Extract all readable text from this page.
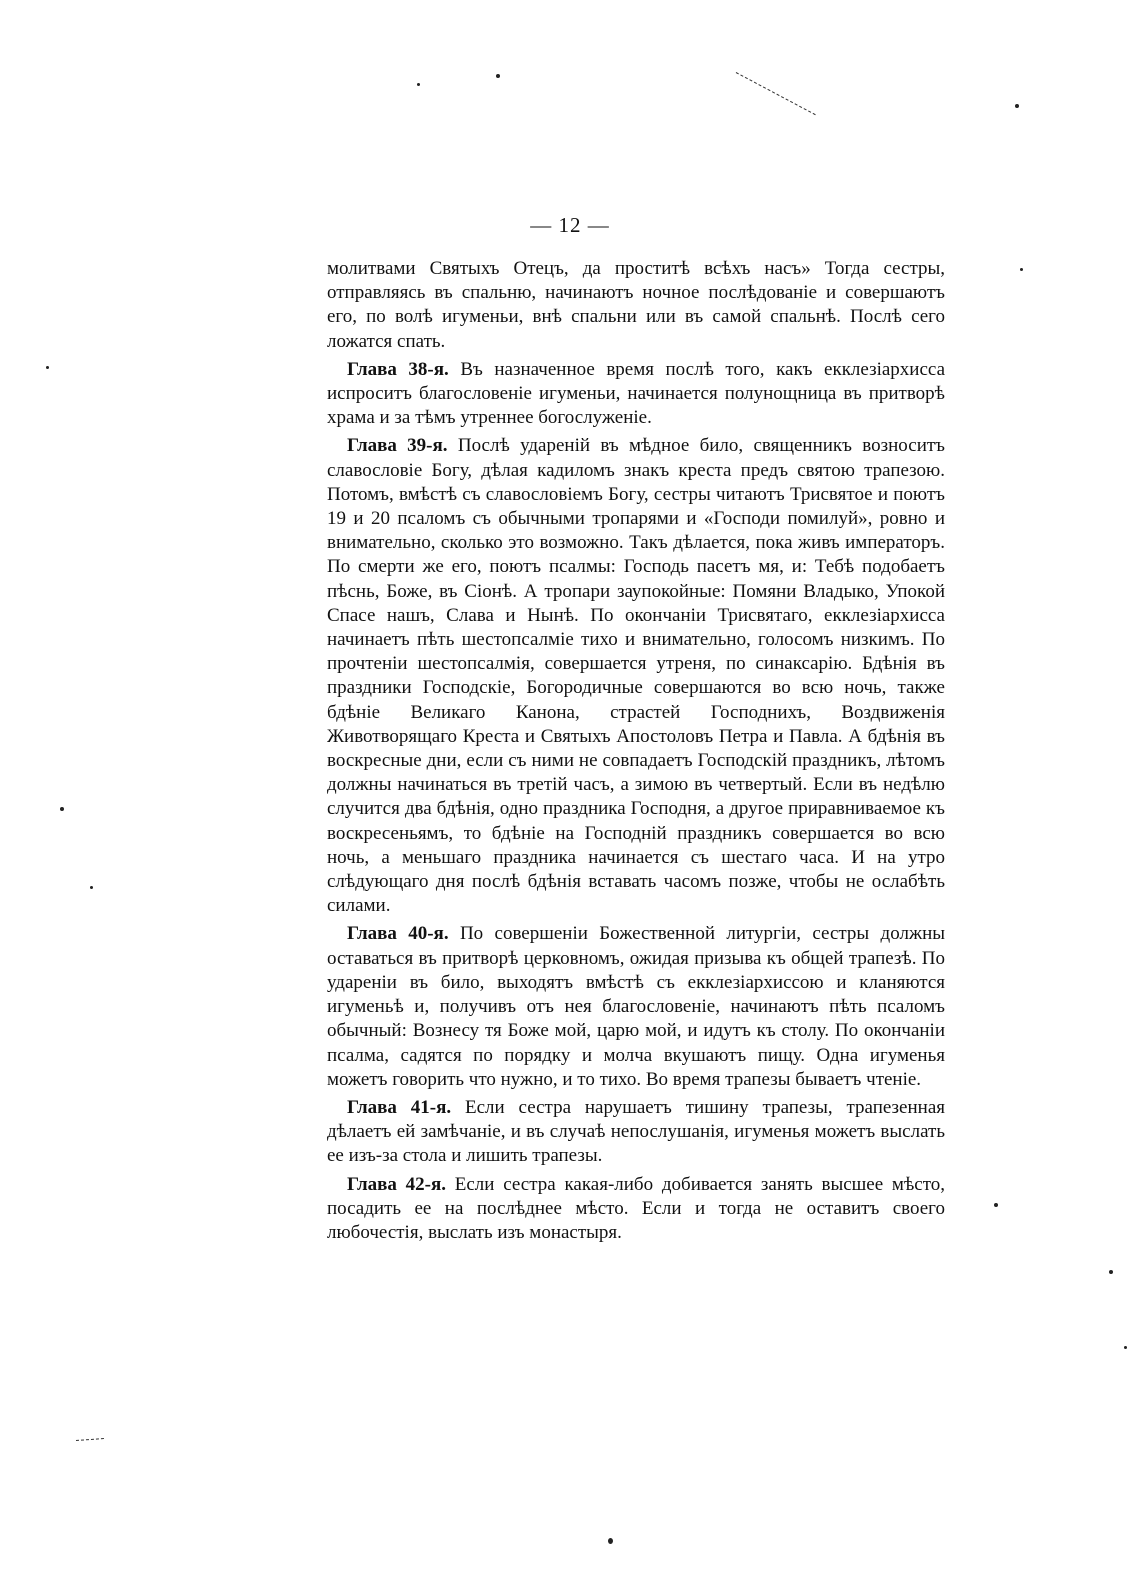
— 12 —

молитвами Святыхъ Отецъ, да проститѣ всѣхъ насъ» Тогда сестры, отправляясь въ спальню, начинаютъ ночное послѣдованіе и совершаютъ его, по волѣ игуменьи, внѣ спальни или въ самой спальнѣ. Послѣ сего ложатся спать.

Глава 38-я. Въ назначенное время послѣ того, какъ екклезіархисса испроситъ благословеніе игуменьи, начинается полунощница въ притворѣ храма и за тѣмъ утреннее богослуженіе.

Глава 39-я. Послѣ удареній въ мѣдное било, священникъ возноситъ славословіе Богу, дѣлая кадиломъ знакъ креста предъ святою трапезою. Потомъ, вмѣстѣ съ славословіемъ Богу, сестры читаютъ Трисвятое и поютъ 19 и 20 псаломъ съ обычными тропарями и «Господи помилуй», ровно и внимательно, сколько это возможно. Такъ дѣлается, пока живъ императоръ. По смерти же его, поютъ псалмы: Господь пасетъ мя, и: Тебѣ подобаетъ пѣснь, Боже, въ Сіонѣ. А тропари заупокойные: Помяни Владыко, Упокой Спасе нашъ, Слава и Нынѣ. По окончаніи Трисвятаго, екклезіархисса начинаетъ пѣть шестопсалміе тихо и внимательно, голосомъ низкимъ. По прочтеніи шестопсалмія, совершается утреня, по синаксарію. Бдѣнія въ праздники Господскіе, Богородичные совершаются во всю ночь, также бдѣніе Великаго Канона, страстей Господнихъ, Воздвиженія Животворящаго Креста и Святыхъ Апостоловъ Петра и Павла. А бдѣнія въ воскресные дни, если съ ними не совпадаетъ Господскій праздникъ, лѣтомъ должны начинаться въ третій часъ, а зимою въ четвертый. Если въ недѣлю случится два бдѣнія, одно праздника Господня, а другое приравниваемое къ воскресеньямъ, то бдѣніе на Господній праздникъ совершается во всю ночь, а меньшаго праздника начинается съ шестаго часа. И на утро слѣдующаго дня послѣ бдѣнія вставать часомъ позже, чтобы не ослабѣть силами.

Глава 40-я. По совершеніи Божественной литургіи, сестры должны оставаться въ притворѣ церковномъ, ожидая призыва къ общей трапезѣ. По удареніи въ било, выходятъ вмѣстѣ съ екклезіархиссою и кланяются игуменьѣ и, получивъ отъ нея благословеніе, начинаютъ пѣть псаломъ обычный: Вознесу тя Боже мой, царю мой, и идутъ къ столу. По окончаніи псалма, садятся по порядку и молча вкушаютъ пищу. Одна игуменья можетъ говорить что нужно, и то тихо. Во время трапезы бываетъ чтеніе.

Глава 41-я. Если сестра нарушаетъ тишину трапезы, трапезенная дѣлаетъ ей замѣчаніе, и въ случаѣ непослушанія, игуменья можетъ выслать ее изъ-за стола и лишить трапезы.

Глава 42-я. Если сестра какая-либо добивается занять высшее мѣсто, посадить ее на послѣднее мѣсто. Если и тогда не оставитъ своего любочестія, выслать изъ монастыря.
